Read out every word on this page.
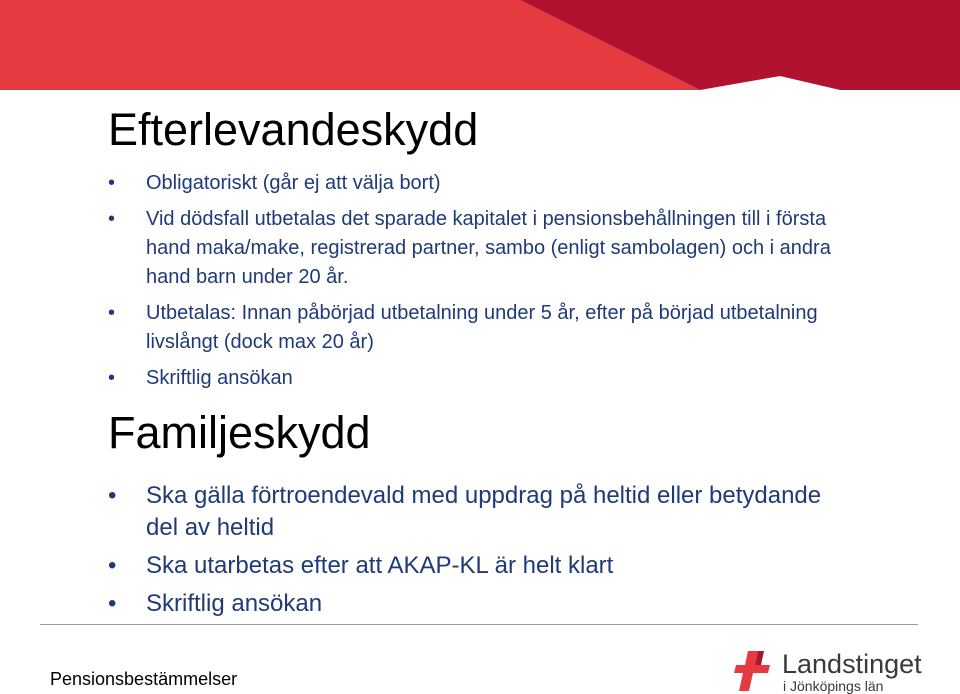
Efterlevandeskydd
• Obligatoriskt (går ej att välja bort)
• Vid dödsfall utbetalas det sparade kapitalet i pensionsbehållningen till i första hand maka/make, registrerad partner, sambo (enligt sambolagen) och i andra hand barn under 20 år.
• Utbetalas: Innan påbörjad utbetalning under 5 år, efter på börjad utbetalning livslångt (dock max 20 år)
• Skriftlig ansökan
Familjeskydd
• Ska gälla förtroendevald med uppdrag på heltid eller betydande del av heltid
• Ska utarbetas efter att AKAP-KL är helt klart
• Skriftlig ansökan
Pensionsbestämmelser	Landstinget
i Jönköpings län
